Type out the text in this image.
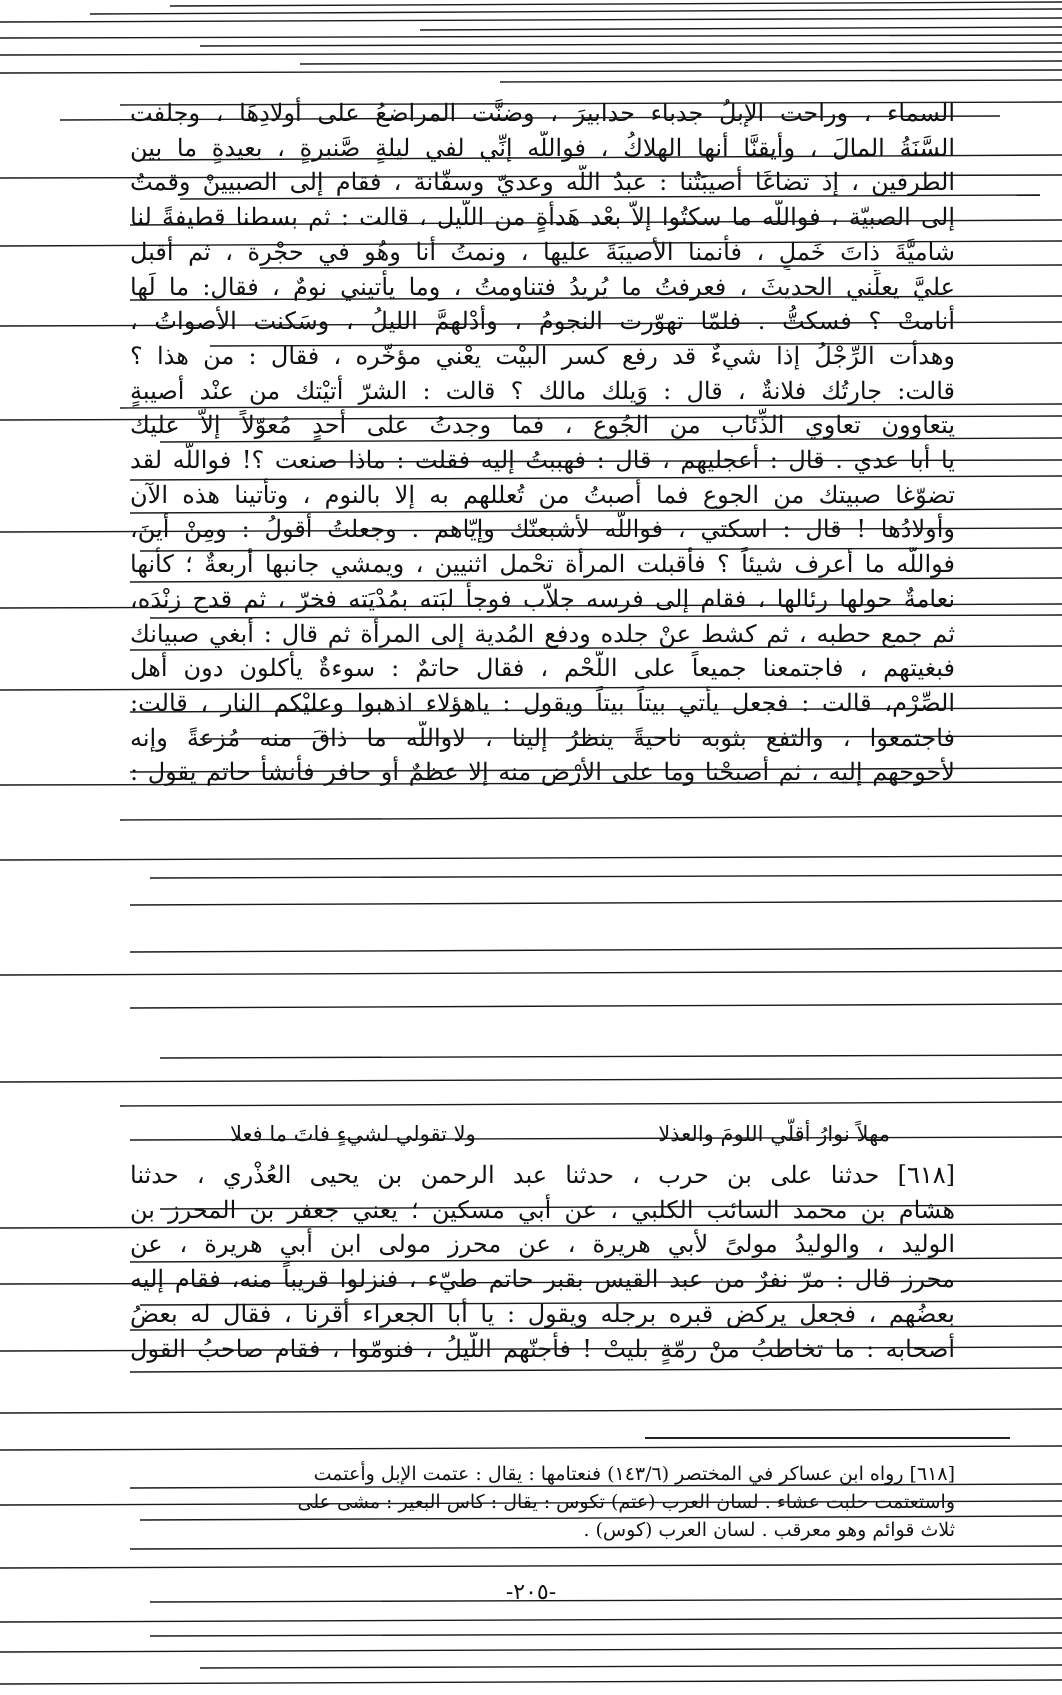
السماء ، وراحت الإبلُ جدباء حدابيرَ ، وضنَّت المراضعُ على أولادِهَا ، وجلفت
السَّنَةُ المالَ ، وأيقنَّا أنها الهلاكُ ، فواللّه إنِّي لفي ليلةٍ صَّنبرةٍ ، بعيدةٍ ما بين
الطرفين ، إذ تضاغَا أصيبَتُنا : عبدُ اللّه وعديّ وسفّانة ، فقام إلى الصبيينْ وقمتُ
إلى الصبيّة ، فواللّه ما سكتُوا إلاّ بعْد هَدأةٍ من اللّيل ، قالت : ثم بسطنا قطيفةً لنا
شاميَّةَ ذاتَ خَملٍ ، فأنمنا الأصيبَةَ عليها ، ونمتُ أنا وهُو في حجْرة ، ثم أقبل
عليَّ يعلِّني الحديثَ ، فعرفتُ ما يُريدُ فتناومتُ ، وما يأتيني نومٌ ، فقال: ما لَها
أنامتْ ؟ فسكتُّ . فلمّا تهوّرت النجومُ ، وأدْلهمَّ الليلُ ، وسَكنت الأصواتُ ،
وهدأت الرِّجْلُ إذا شيءٌ قد رفع كسر البيْت يعْني مؤخّره ، فقال : من هذا ؟
قالت: جارتُك فلانةٌ ، قال : وَيلك مالك ؟ قالت : الشرّ أتيْتك من عنْد أصيبةٍ
يتعاوون تعاوي الذِّئاب من الجُوع ، فما وجدتُ على أحدٍ مُعوّلاً إلاّ عليك
يا أبا عدي . قال : أعجليهم ، قال : فهببتُ إليه فقلت : ماذا صنعت ؟! فواللّه لقد
تضوّغا صبيتك من الجوع فما أصبتُ من تُعللهم به إلا بالنوم ، وتأتينا هذه الآن
وأولادُها ! قال : اسكتي ، فواللّه لأشبعنّك وإيّاهم . وجعلتُ أقولُ : ومِنْ أينَ،
فواللّه ما أعرف شيئاً ؟ فأقبلت المرأة تحْمل اثنيين ، ويمشي جانبها أربعةٌ ؛ كأنها
نعامةٌ حولها رئالها ، فقام إلى فرسه جلاّب فوجأ لبَته بمُدْيَته فخرّ ، ثم قدح زنْدَه،
ثم جمع حطبه ، ثم كشط عنْ جلده ودفع المُدية إلى المرأة ثم قال : أبغي صبيانك
فبغيتهم ، فاجتمعنا جميعاً على اللّحْم ، فقال حاتمٌ : سوءةٌ يأكلون دون أهل
الصِّرْم، قالت : فجعل يأتي بيتاً بيتاً ويقول : ياهؤلاء اذهبوا وعليْكم النار ، قالت:
فاجتمعوا ، والتفع بثوبه ناحيةً ينظرُ إلينا ، لاواللّه ما ذاقَ منه مُزعةً وإنه
لأحوجهم إليه ، ثم أصبحْنا وما على الأرْض منه إلا عظمٌ أو حافر فأنشأ حاتم يقول :
مهلاً نوارُ أقلّي اللومَ والعذلا
ولا تقولي لشيءٍ فاتَ ما فعلا
[٦١٨] حدثنا على بن حرب ، حدثنا عبد الرحمن بن يحيى العُذْري ، حدثنا
هشام بن محمد السائب الكلبي ، عن أبي مسكين ؛ يعني جعفر بن المحرز بن
الوليد ، والوليدُ مولىً لأبي هريرة ، عن محرز مولى ابن أبي هريرة ، عن
محرز قال : مرّ نفرٌ من عبد القيس بقبر حاتم طيّء ، فنزلوا قريباً منه، فقام إليه
بعضُهم ، فجعل يركض قبره برجله ويقول : يا أبا الجعراء أقرنا ، فقال له بعضُ
أصحابه : ما تخاطبُ منْ رمّةٍ بليتْ ! فأجنّهم اللّيلُ ، فنومّوا ، فقام صاحبُ القول
[٦١٨] رواه ابن عساكر في المختصر (١٤٣/٦) فنعتامها : يقال : عتمت الإبل وأعتمت
واستعتمت حلبت عشاء . لسان العرب (عتم) تكوس : يقال : كاس البعير : مشى على
ثلاث قوائم وهو معرقب . لسان العرب (كوس) .
-٢٠٥-
